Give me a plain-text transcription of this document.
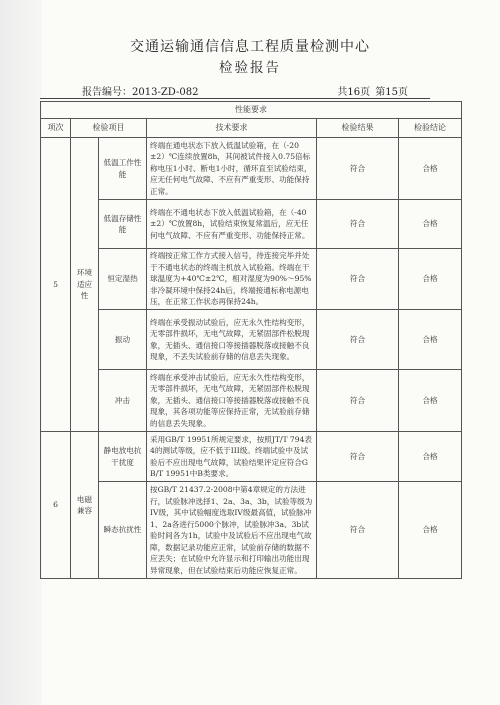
交通运输通信信息工程质量检测中心
检验报告
报告编号：2013-ZD-082	共16页 第15页
性能要求					
项次	检验项目		技术要求	检验结果	检验结论
5	环境适应性	低温工作性能	终端在通电状态下放入低温试验箱，在（-20±2）℃连续放置8h，其间被试件接入0.75倍标称电压1小时、断电1小时，循环直至试验结束，应无任何电气故障、不应有严重变形、功能保持正常。	符合	合格
		低温存储性能	终端在不通电状态下放入低温试验箱，在（-40±2）℃放置8h，试验结束恢复常温后，应无任何电气故障、不应有严重变形、功能保持正常。	符合	合格
		恒定湿热	终端按正常工作方式接入信号，待连接完毕并处于不通电状态的终端主机放入试验箱。终端在干球温度为+40℃±2℃，相对湿度为90%～95%非冷凝环境中保持24h后，终端接通标称电源电压，在正常工作状态再保持24h。	符合	合格
		振动	终端在承受振动试验后，应无永久性结构变形，无零部件损坏，无电气故障，无紧固部件松脱现象，无插头、通信接口等接插器脱落或接触不良现象，不丢失试验前存储的信息丢失现象。	符合	合格
		冲击	终端在承受冲击试验后，应无永久性结构变形，无零部件损坏，无电气故障，无紧固部件松脱现象，无插头、通信接口等接插器脱落或接触不良现象，其各项功能等应保持正常，无试验前存储的信息丢失现象。	符合	合格
6	电磁兼容	静电放电抗干扰度	采用GB/T 19951所规定要求，按照JT/T 794表4的测试等级，应不低于III级。终端试验中及试验后不应出现电气故障，试验结果评定应符合GB/T 19951中B类要求。	符合	合格
		瞬态抗扰性	按GB/T 21437.2-2008中第4章规定的方法进行，试验脉冲选择1、2a、3a、3b，试验等级为IV级，其中试验幅度选取IV级最高值，试验脉冲1、2a各进行5000个脉冲，试验脉冲3a、3b试验时间各为1h，试验中及试验后不应出现电气故障，数据记录功能应正常，试验前存储的数据不应丢失；在试验中允许显示和打印输出功能出现异常现象，但在试验结束后功能应恢复正常。	符合	合格
